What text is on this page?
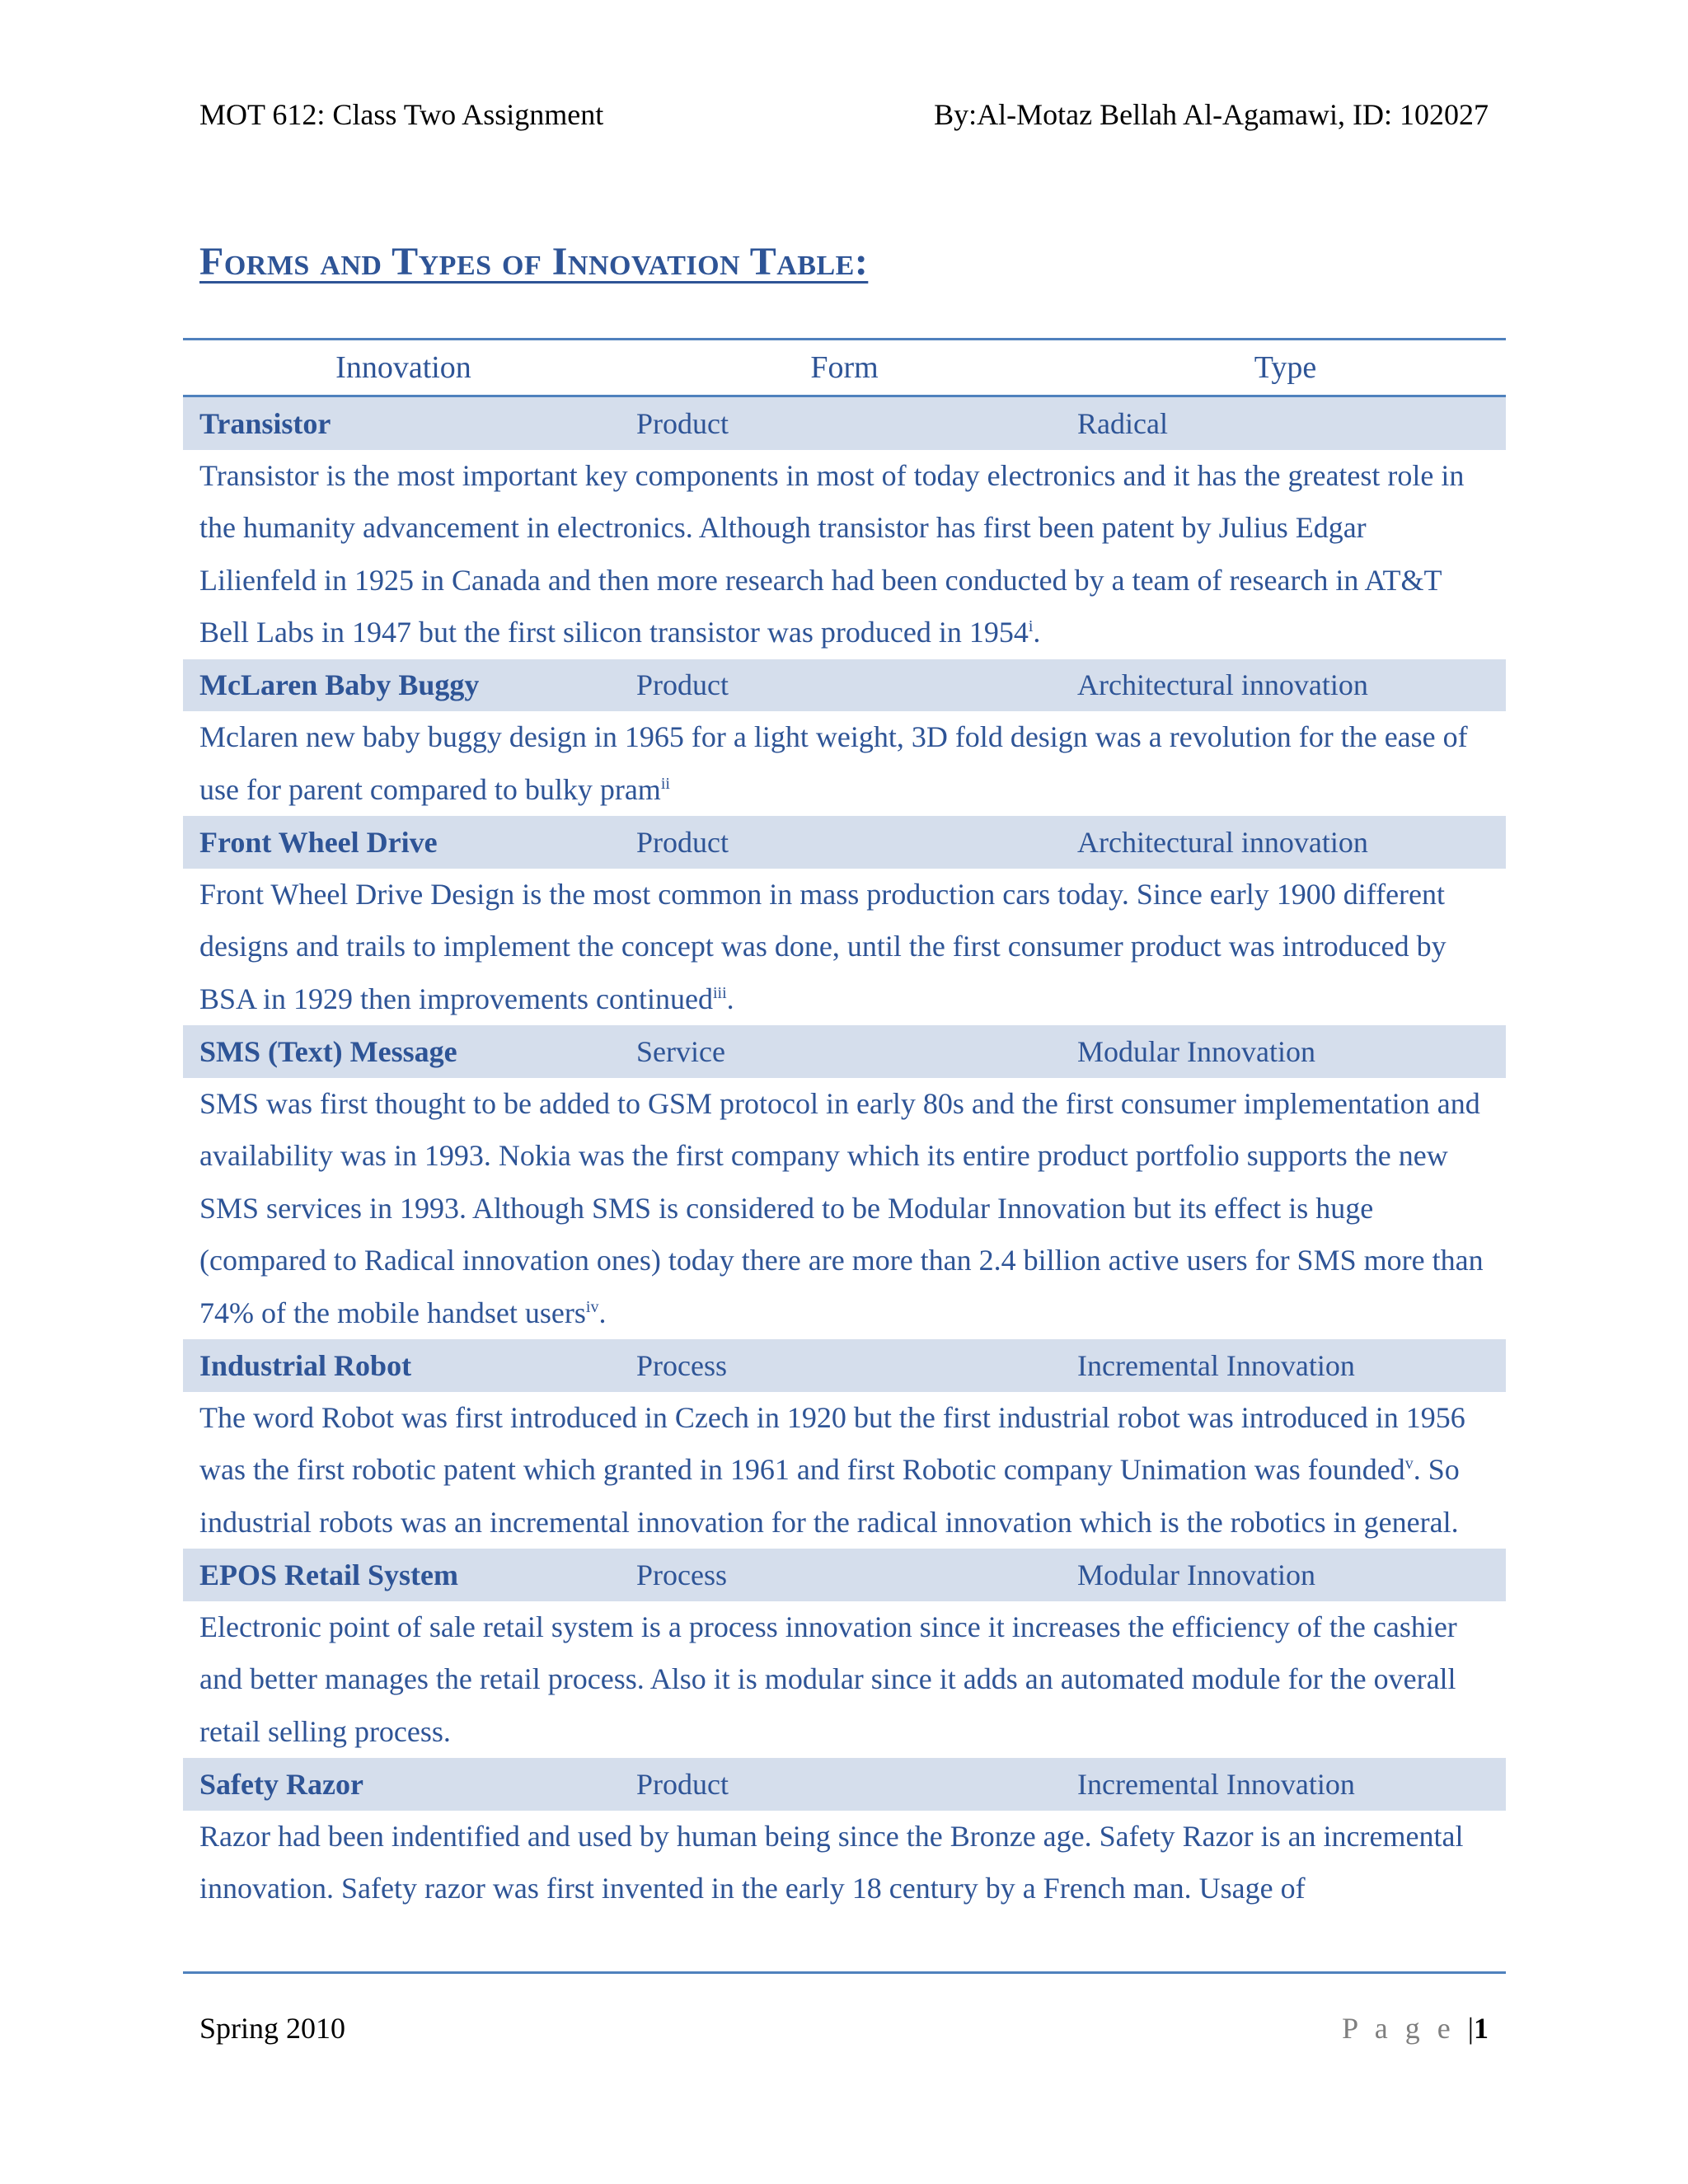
MOT 612: Class Two Assignment	By:Al-Motaz Bellah Al-Agamawi, ID: 102027
Forms and Types of Innovation Table:
Innovation	Form	Type
Transistor	Product	Radical
Transistor is the most important key components in most of today electronics and it has the greatest role in the humanity advancement in electronics. Although transistor has first been patent by Julius Edgar Lilienfeld in 1925 in Canada and then more research had been conducted by a team of research in AT&T Bell Labs in 1947 but the first silicon transistor was produced in 1954$^i$.
McLaren Baby Buggy	Product	Architectural innovation
Mclaren new baby buggy design in 1965 for a light weight, 3D fold design was a revolution for the ease of use for parent compared to bulky pram$^{ii}$
Front Wheel Drive	Product	Architectural innovation
Front Wheel Drive Design is the most common in mass production cars today. Since early 1900 different designs and trails to implement the concept was done, until the first consumer product was introduced by BSA in 1929 then improvements continued$^{iii}$.
SMS (Text) Message	Service	Modular Innovation
SMS was first thought to be added to GSM protocol in early 80s and the first consumer implementation and availability was in 1993. Nokia was the first company which its entire product portfolio supports the new SMS services in 1993. Although SMS is considered to be Modular Innovation but its effect is huge (compared to Radical innovation ones) today there are more than 2.4 billion active users for SMS more than 74% of the mobile handset users$^{iv}$.
Industrial Robot	Process	Incremental Innovation
The word Robot was first introduced in Czech in 1920 but the first industrial robot was introduced in 1956 was the first robotic patent which granted in 1961 and first Robotic company Unimation was founded$^v$. So industrial robots was an incremental innovation for the radical innovation which is the robotics in general.
EPOS Retail System	Process	Modular Innovation
Electronic point of sale retail system is a process innovation since it increases the efficiency of the cashier and better manages the retail process. Also it is modular since it adds an automated module for the overall retail selling process.
Safety Razor	Product	Incremental Innovation
Razor had been indentified and used by human being since the Bronze age. Safety Razor is an incremental innovation. Safety razor was first invented in the early 18 century by a French man. Usage of
Spring 2010	P a g e |1
